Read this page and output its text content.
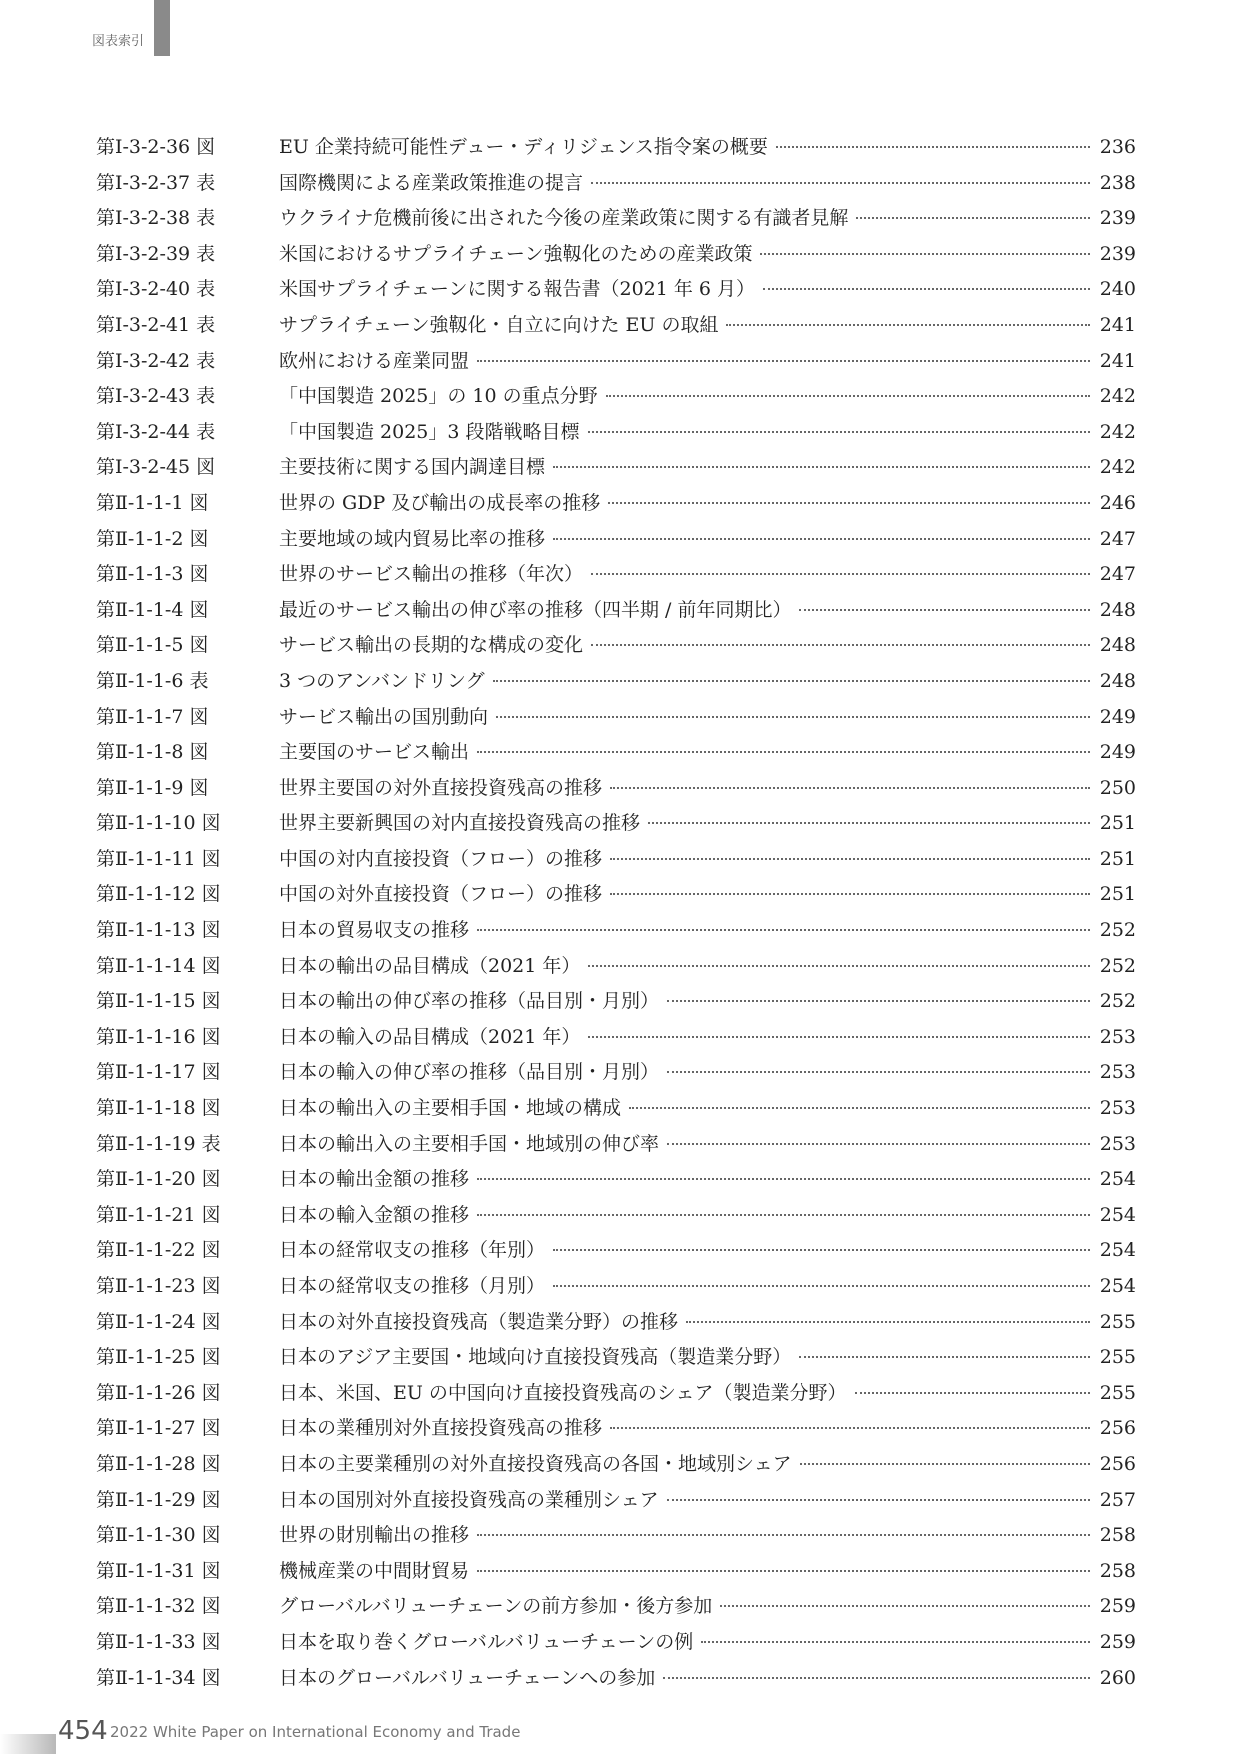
図表索引
第Ⅰ-3-2-36 図	EU 企業持続可能性デュー・ディリジェンス指令案の概要	236
第Ⅰ-3-2-37 表	国際機関による産業政策推進の提言	238
第Ⅰ-3-2-38 表	ウクライナ危機前後に出された今後の産業政策に関する有識者見解	239
第Ⅰ-3-2-39 表	米国におけるサプライチェーン強靱化のための産業政策	239
第Ⅰ-3-2-40 表	米国サプライチェーンに関する報告書（2021 年 6 月）	240
第Ⅰ-3-2-41 表	サプライチェーン強靱化・自立に向けた EU の取組	241
第Ⅰ-3-2-42 表	欧州における産業同盟	241
第Ⅰ-3-2-43 表	「中国製造 2025」の 10 の重点分野	242
第Ⅰ-3-2-44 表	「中国製造 2025」3 段階戦略目標	242
第Ⅰ-3-2-45 図	主要技術に関する国内調達目標	242
第Ⅱ-1-1-1 図	世界の GDP 及び輸出の成長率の推移	246
第Ⅱ-1-1-2 図	主要地域の域内貿易比率の推移	247
第Ⅱ-1-1-3 図	世界のサービス輸出の推移（年次）	247
第Ⅱ-1-1-4 図	最近のサービス輸出の伸び率の推移（四半期 / 前年同期比）	248
第Ⅱ-1-1-5 図	サービス輸出の長期的な構成の変化	248
第Ⅱ-1-1-6 表	3 つのアンバンドリング	248
第Ⅱ-1-1-7 図	サービス輸出の国別動向	249
第Ⅱ-1-1-8 図	主要国のサービス輸出	249
第Ⅱ-1-1-9 図	世界主要国の対外直接投資残高の推移	250
第Ⅱ-1-1-10 図	世界主要新興国の対内直接投資残高の推移	251
第Ⅱ-1-1-11 図	中国の対内直接投資（フロー）の推移	251
第Ⅱ-1-1-12 図	中国の対外直接投資（フロー）の推移	251
第Ⅱ-1-1-13 図	日本の貿易収支の推移	252
第Ⅱ-1-1-14 図	日本の輸出の品目構成（2021 年）	252
第Ⅱ-1-1-15 図	日本の輸出の伸び率の推移（品目別・月別）	252
第Ⅱ-1-1-16 図	日本の輸入の品目構成（2021 年）	253
第Ⅱ-1-1-17 図	日本の輸入の伸び率の推移（品目別・月別）	253
第Ⅱ-1-1-18 図	日本の輸出入の主要相手国・地域の構成	253
第Ⅱ-1-1-19 表	日本の輸出入の主要相手国・地域別の伸び率	253
第Ⅱ-1-1-20 図	日本の輸出金額の推移	254
第Ⅱ-1-1-21 図	日本の輸入金額の推移	254
第Ⅱ-1-1-22 図	日本の経常収支の推移（年別）	254
第Ⅱ-1-1-23 図	日本の経常収支の推移（月別）	254
第Ⅱ-1-1-24 図	日本の対外直接投資残高（製造業分野）の推移	255
第Ⅱ-1-1-25 図	日本のアジア主要国・地域向け直接投資残高（製造業分野）	255
第Ⅱ-1-1-26 図	日本、米国、EU の中国向け直接投資残高のシェア（製造業分野）	255
第Ⅱ-1-1-27 図	日本の業種別対外直接投資残高の推移	256
第Ⅱ-1-1-28 図	日本の主要業種別の対外直接投資残高の各国・地域別シェア	256
第Ⅱ-1-1-29 図	日本の国別対外直接投資残高の業種別シェア	257
第Ⅱ-1-1-30 図	世界の財別輸出の推移	258
第Ⅱ-1-1-31 図	機械産業の中間財貿易	258
第Ⅱ-1-1-32 図	グローバルバリューチェーンの前方参加・後方参加	259
第Ⅱ-1-1-33 図	日本を取り巻くグローバルバリューチェーンの例	259
第Ⅱ-1-1-34 図	日本のグローバルバリューチェーンへの参加	260
454 2022 White Paper on International Economy and Trade
